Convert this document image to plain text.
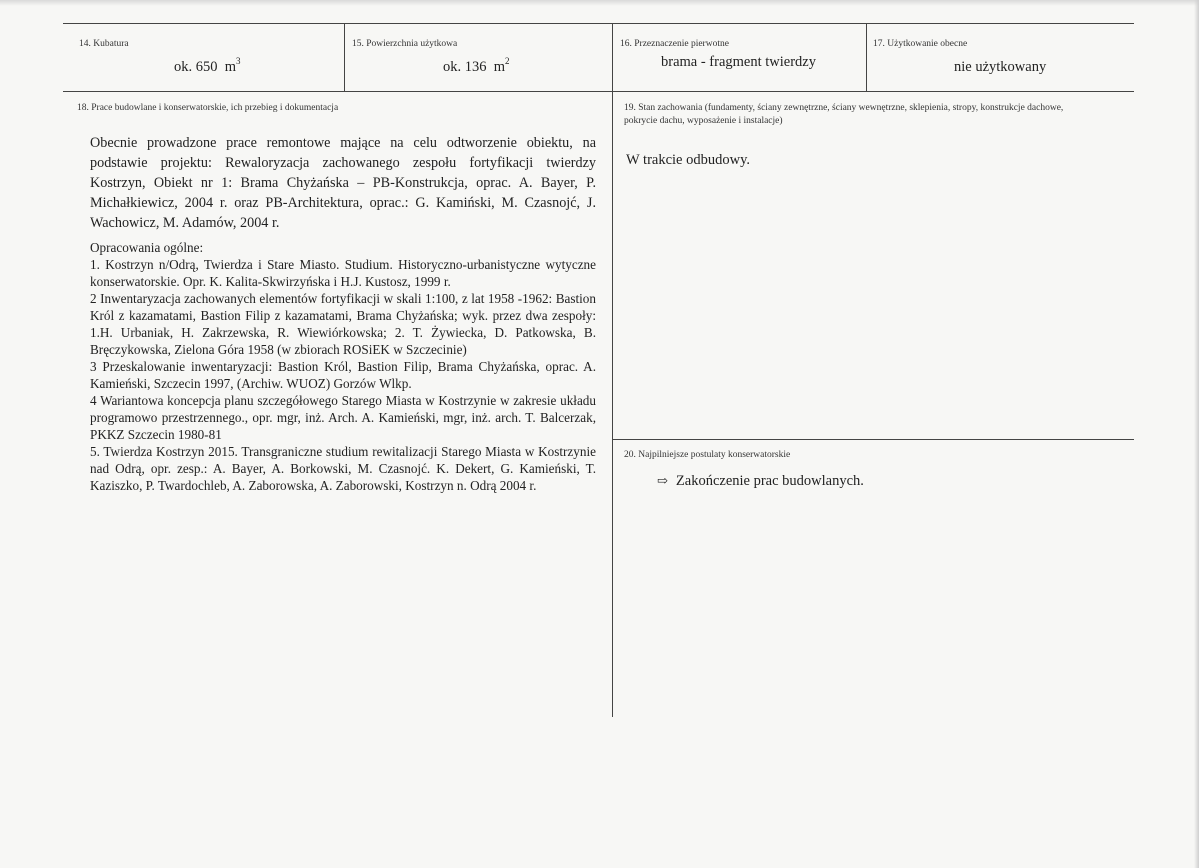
14. Kubatura
ok. 650 $m^3$
15. Powierzchnia użytkowa
ok. 136 $m^2$
16. Przeznaczenie pierwotne
brama - fragment twierdzy
17. Użytkowanie obecne
nie użytkowany
18. Prace budowlane i konserwatorskie, ich przebieg i dokumentacja
Obecnie prowadzone prace remontowe mające na celu odtworzenie obiektu, na podstawie projektu: Rewaloryzacja zachowanego zespołu fortyfikacji twierdzy Kostrzyn, Obiekt nr 1: Brama Chyżańska – PB-Konstrukcja, oprac. A. Bayer, P. Michałkiewicz, 2004 r. oraz PB-Architektura, oprac.: G. Kamiński, M. Czasnojć, J. Wachowicz, M. Adamów, 2004 r.
Opracowania ogólne:
1. Kostrzyn n/Odrą, Twierdza i Stare Miasto. Studium. Historyczno-urbanistyczne wytyczne konserwatorskie. Opr. K. Kalita-Skwirzyńska i H.J. Kustosz, 1999 r.
2 Inwentaryzacja zachowanych elementów fortyfikacji w skali 1:100, z lat 1958 -1962: Bastion Król z kazamatami, Bastion Filip z kazamatami, Brama Chyżańska; wyk. przez dwa zespoły: 1.H. Urbaniak, H. Zakrzewska, R. Wiewiórkowska; 2. T. Żywiecka, D. Patkowska, B. Bręczykowska, Zielona Góra 1958 (w zbiorach ROSiEK w Szczecinie)
3 Przeskalowanie inwentaryzacji: Bastion Król, Bastion Filip, Brama Chyżańska, oprac. A. Kamieński, Szczecin 1997, (Archiw. WUOZ) Gorzów Wlkp.
4 Wariantowa koncepcja planu szczegółowego Starego Miasta w Kostrzynie w zakresie układu programowo przestrzennego., opr. mgr, inż. Arch. A. Kamieński, mgr, inż. arch. T. Balcerzak, PKKZ Szczecin 1980-81
5. Twierdza Kostrzyn 2015. Transgraniczne studium rewitalizacji Starego Miasta w Kostrzynie nad Odrą, opr. zesp.: A. Bayer, A. Borkowski, M. Czasnojć. K. Dekert, G. Kamieński, T. Kaziszko, P. Twardochleb, A. Zaborowska, A. Zaborowski, Kostrzyn n. Odrą 2004 r.
19. Stan zachowania (fundamenty, ściany zewnętrzne, ściany wewnętrzne, sklepienia, stropy, konstrukcje dachowe, pokrycie dachu, wyposażenie i instalacje)
W trakcie odbudowy.
20. Najpilniejsze postulaty konserwatorskie
⇨ Zakończenie prac budowlanych.
